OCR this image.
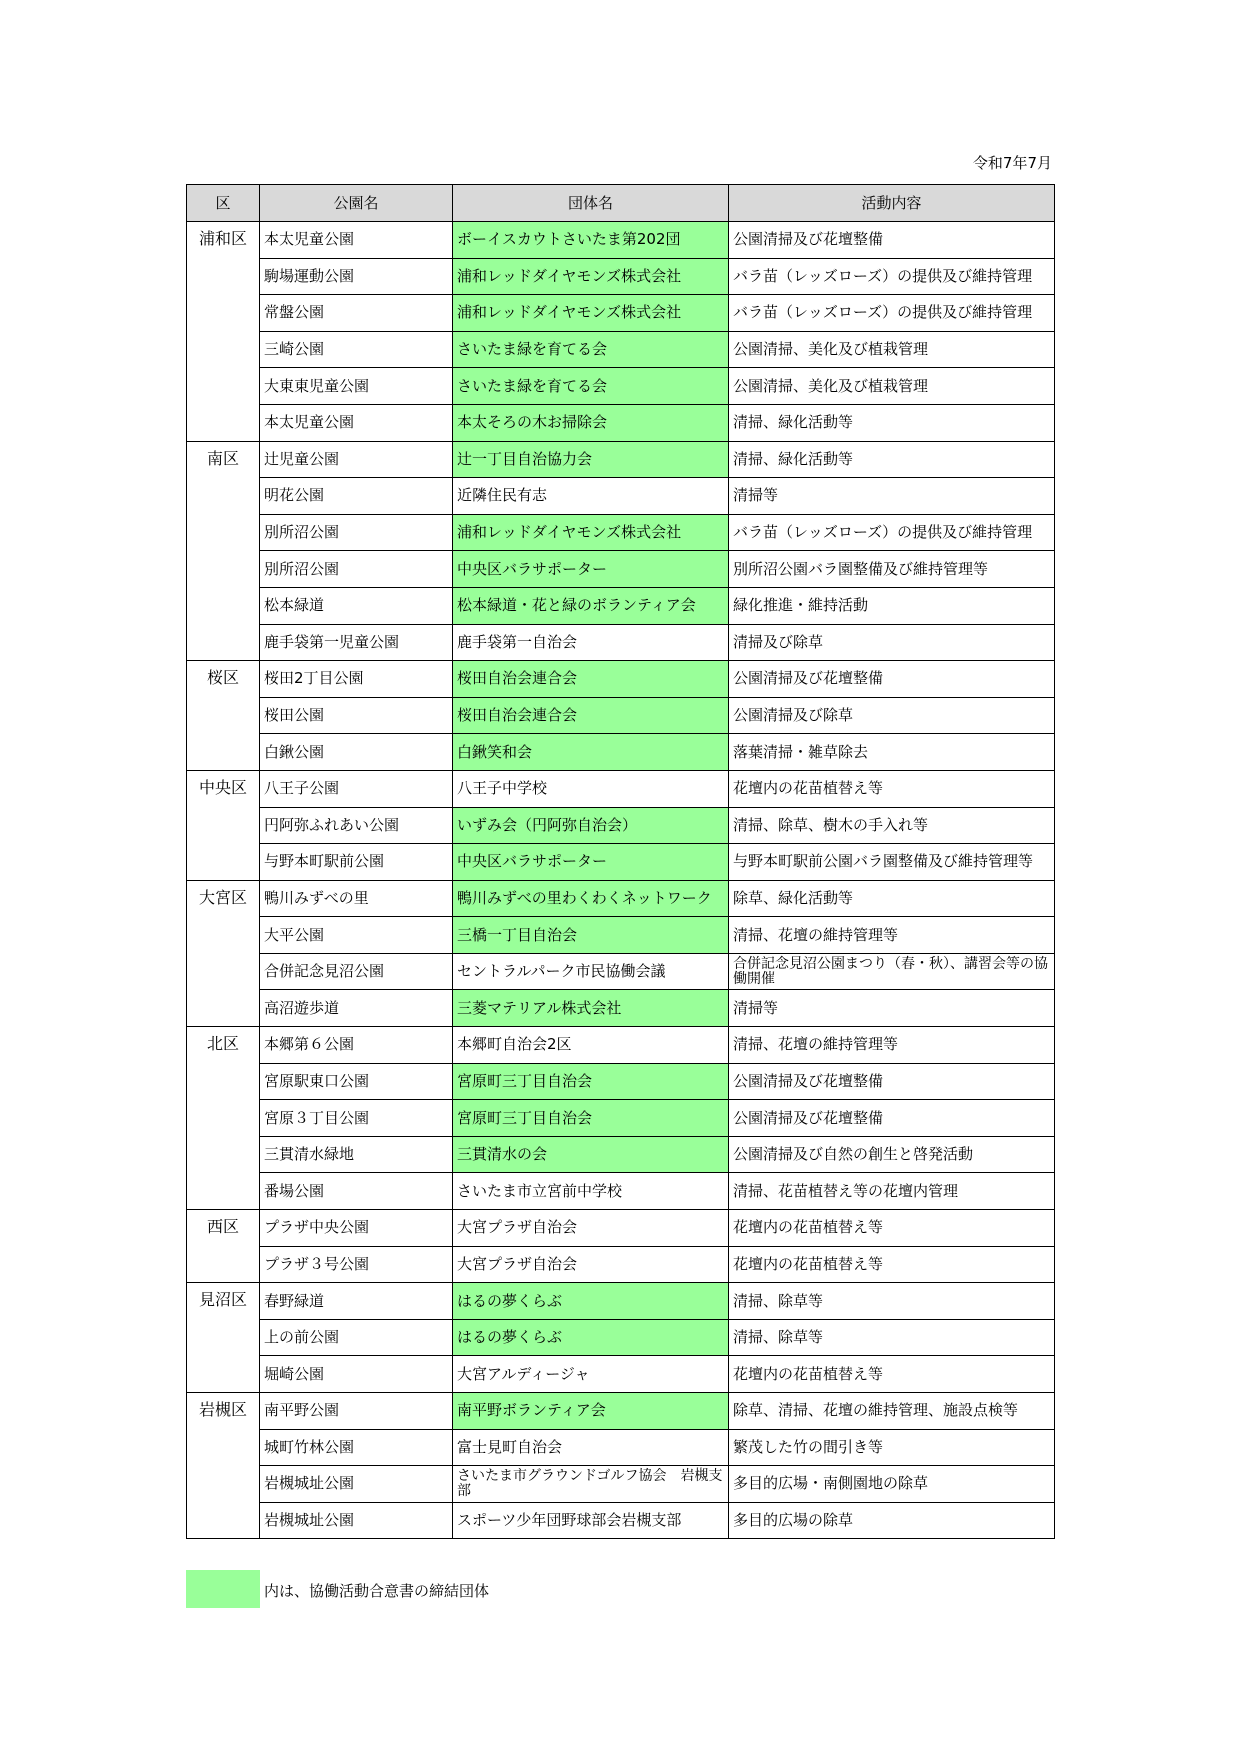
令和7年7月
区	公園名	団体名	活動内容
浦和区	本太児童公園	ボーイスカウトさいたま第202団	公園清掃及び花壇整備
	駒場運動公園	浦和レッドダイヤモンズ株式会社	バラ苗（レッズローズ）の提供及び維持管理
	常盤公園	浦和レッドダイヤモンズ株式会社	バラ苗（レッズローズ）の提供及び維持管理
	三崎公園	さいたま緑を育てる会	公園清掃、美化及び植栽管理
	大東東児童公園	さいたま緑を育てる会	公園清掃、美化及び植栽管理
	本太児童公園	本太そろの木お掃除会	清掃、緑化活動等
南区	辻児童公園	辻一丁目自治協力会	清掃、緑化活動等
	明花公園	近隣住民有志	清掃等
	別所沼公園	浦和レッドダイヤモンズ株式会社	バラ苗（レッズローズ）の提供及び維持管理
	別所沼公園	中央区バラサポーター	別所沼公園バラ園整備及び維持管理等
	松本緑道	松本緑道・花と緑のボランティア会	緑化推進・維持活動
	鹿手袋第一児童公園	鹿手袋第一自治会	清掃及び除草
桜区	桜田2丁目公園	桜田自治会連合会	公園清掃及び花壇整備
	桜田公園	桜田自治会連合会	公園清掃及び除草
	白鍬公園	白鍬笑和会	落葉清掃・雑草除去
中央区	八王子公園	八王子中学校	花壇内の花苗植替え等
	円阿弥ふれあい公園	いずみ会（円阿弥自治会）	清掃、除草、樹木の手入れ等
	与野本町駅前公園	中央区バラサポーター	与野本町駅前公園バラ園整備及び維持管理等
大宮区	鴨川みずべの里	鴨川みずべの里わくわくネットワーク	除草、緑化活動等
	大平公園	三橋一丁目自治会	清掃、花壇の維持管理等
	合併記念見沼公園	セントラルパーク市民協働会議	合併記念見沼公園まつり（春・秋）、講習会等の協働開催
	高沼遊歩道	三菱マテリアル株式会社	清掃等
北区	本郷第６公園	本郷町自治会2区	清掃、花壇の維持管理等
	宮原駅東口公園	宮原町三丁目自治会	公園清掃及び花壇整備
	宮原３丁目公園	宮原町三丁目自治会	公園清掃及び花壇整備
	三貫清水緑地	三貫清水の会	公園清掃及び自然の創生と啓発活動
	番場公園	さいたま市立宮前中学校	清掃、花苗植替え等の花壇内管理
西区	プラザ中央公園	大宮プラザ自治会	花壇内の花苗植替え等
	プラザ３号公園	大宮プラザ自治会	花壇内の花苗植替え等
見沼区	春野緑道	はるの夢くらぶ	清掃、除草等
	上の前公園	はるの夢くらぶ	清掃、除草等
	堀崎公園	大宮アルディージャ	花壇内の花苗植替え等
岩槻区	南平野公園	南平野ボランティア会	除草、清掃、花壇の維持管理、施設点検等
	城町竹林公園	富士見町自治会	繁茂した竹の間引き等
	岩槻城址公園	さいたま市グラウンドゴルフ協会　岩槻支部	多目的広場・南側園地の除草
	岩槻城址公園	スポーツ少年団野球部会岩槻支部	多目的広場の除草
内は、協働活動合意書の締結団体
